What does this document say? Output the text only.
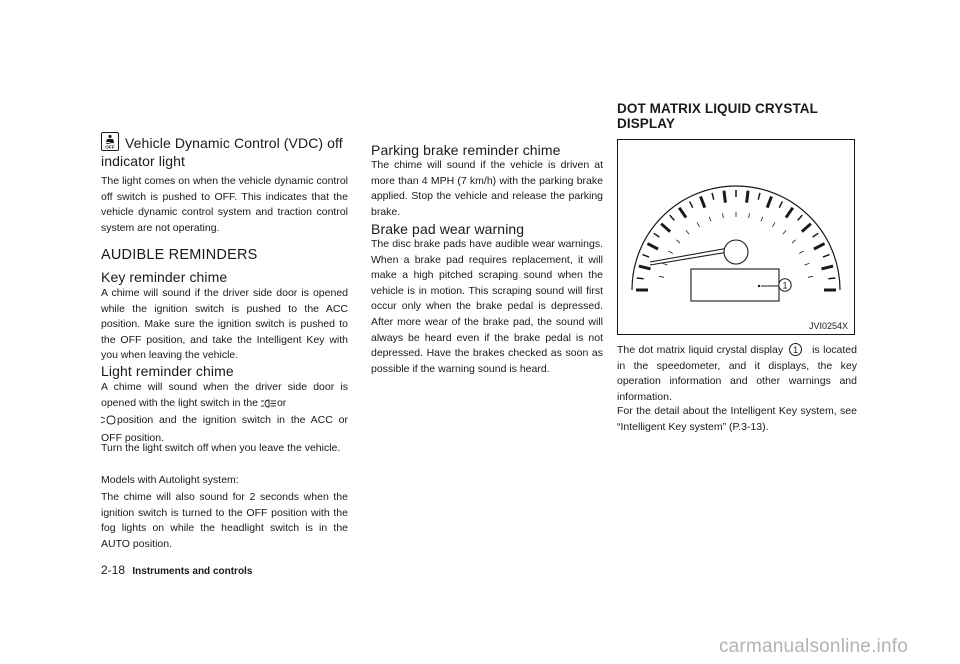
OFF Vehicle Dynamic Control (VDC) off
indicator light

The light comes on when the vehicle dynamic control off switch is pushed to OFF. This indicates that the vehicle dynamic control system and traction control system are not operating.

AUDIBLE REMINDERS

Key reminder chime

A chime will sound if the driver side door is opened while the ignition switch is pushed to the ACC position. Make sure the ignition switch is pushed to the OFF position, and take the Intelligent Key with you when leaving the vehicle.

Light reminder chime

A chime will sound when the driver side door is opened with the light switch in the or
position and the ignition switch in the ACC or OFF position.

Turn the light switch off when you leave the vehicle.

Models with Autolight system:

The chime will also sound for 2 seconds when the ignition switch is turned to the OFF position with the fog lights on while the headlight switch is in the AUTO position.

Parking brake reminder chime

The chime will sound if the vehicle is driven at more than 4 MPH (7 km/h) with the parking brake applied. Stop the vehicle and release the parking brake.

Brake pad wear warning

The disc brake pads have audible wear warnings. When a brake pad requires replacement, it will make a high pitched scraping sound when the vehicle is in motion. This scraping sound will first occur only when the brake pedal is depressed. After more wear of the brake pad, the sound will always be heard even if the brake pedal is not depressed. Have the brakes checked as soon as possible if the warning sound is heard.

DOT MATRIX LIQUID CRYSTAL
DISPLAY

1
JVI0254X

The dot matrix liquid crystal display 1 is located in the speedometer, and it displays, the key operation information and other warnings and information.

For the detail about the Intelligent Key system, see “Intelligent Key system” (P.3-13).

2-18 Instruments and controls
carmanualsonline.info
